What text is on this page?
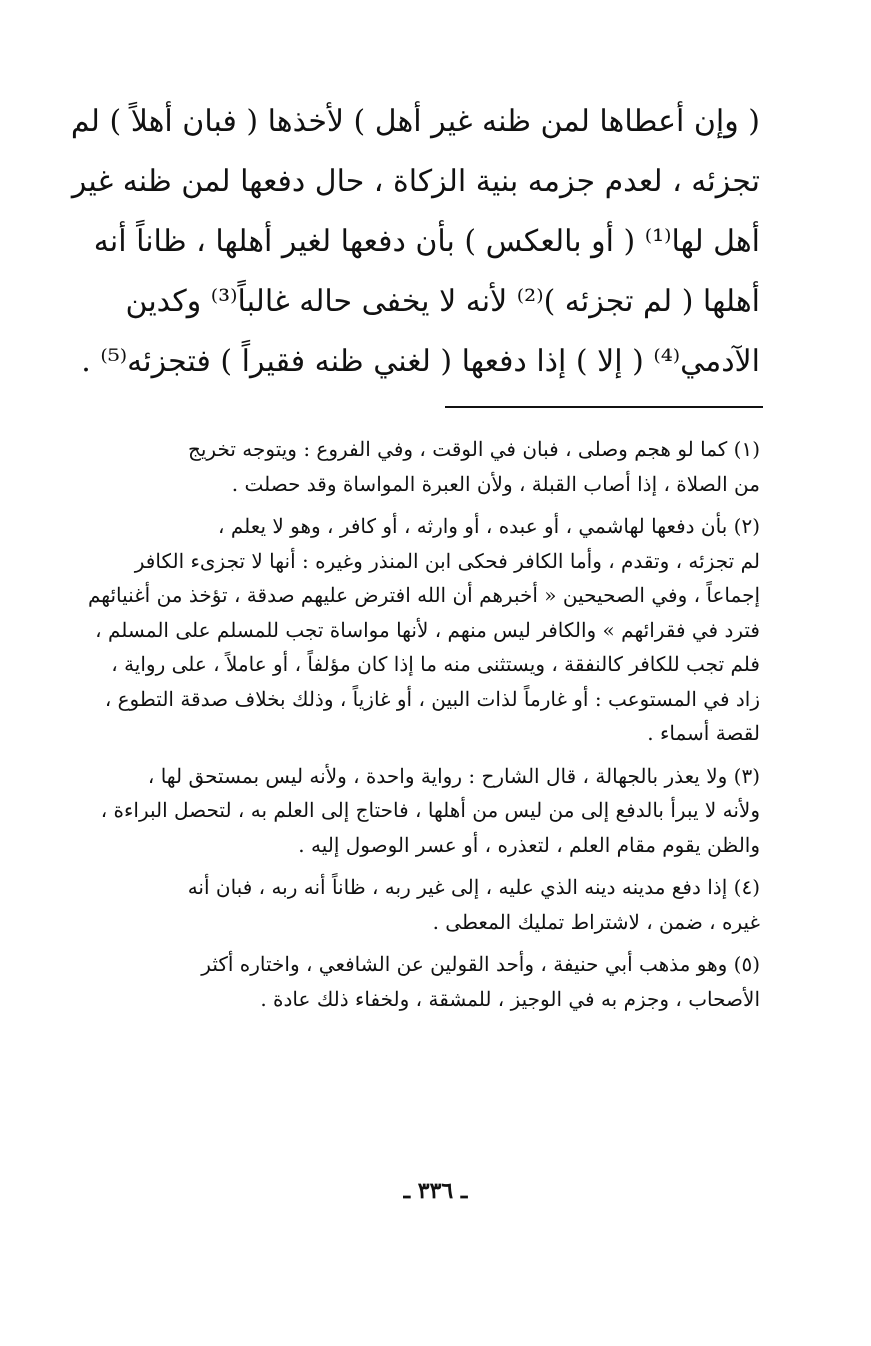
( وإن أعطاها لمن ظنه غير أهل ) لأخذها ( فبان أهلاً ) لم
تجزئه ، لعدم جزمه بنية الزكاة ، حال دفعها لمن ظنه غير
أهل لها⁽¹⁾ ( أو بالعكس ) بأن دفعها لغير أهلها ، ظاناً أنه
أهلها ( لم تجزئه )⁽²⁾ لأنه لا يخفى حاله غالباً⁽³⁾ وكدين
الآدمي⁽⁴⁾ ( إلا ) إذا دفعها ( لغني ظنه فقيراً ) فتجزئه⁽⁵⁾ .
(١) كما لو هجم وصلى ، فبان في الوقت ، وفي الفروع : ويتوجه تخريج
من الصلاة ، إذا أصاب القبلة ، ولأن العبرة المواساة وقد حصلت .
(٢) بأن دفعها لهاشمي ، أو عبده ، أو وارثه ، أو كافر ، وهو لا يعلم ،
لم تجزئه ، وتقدم ، وأما الكافر فحكى ابن المنذر وغيره : أنها لا تجزىء الكافر
إجماعاً ، وفي الصحيحين « أخبرهم أن الله افترض عليهم صدقة ، تؤخذ من أغنيائهم
فترد في فقرائهم » والكافر ليس منهم ، لأنها مواساة تجب للمسلم على المسلم ،
فلم تجب للكافر كالنفقة ، ويستثنى منه ما إذا كان مؤلفاً ، أو عاملاً ، على رواية ،
زاد في المستوعب : أو غارماً لذات البين ، أو غازياً ، وذلك بخلاف صدقة التطوع ،
لقصة أسماء .
(٣) ولا يعذر بالجهالة ، قال الشارح : رواية واحدة ، ولأنه ليس بمستحق لها ،
ولأنه لا يبرأ بالدفع إلى من ليس من أهلها ، فاحتاج إلى العلم به ، لتحصل البراءة ،
والظن يقوم مقام العلم ، لتعذره ، أو عسر الوصول إليه .
(٤) إذا دفع مدينه دينه الذي عليه ، إلى غير ربه ، ظاناً أنه ربه ، فبان أنه
غيره ، ضمن ، لاشتراط تمليك المعطى .
(٥) وهو مذهب أبي حنيفة ، وأحد القولين عن الشافعي ، واختاره أكثر
الأصحاب ، وجزم به في الوجيز ، للمشقة ، ولخفاء ذلك عادة .
ـ ٣٣٦ ـ
